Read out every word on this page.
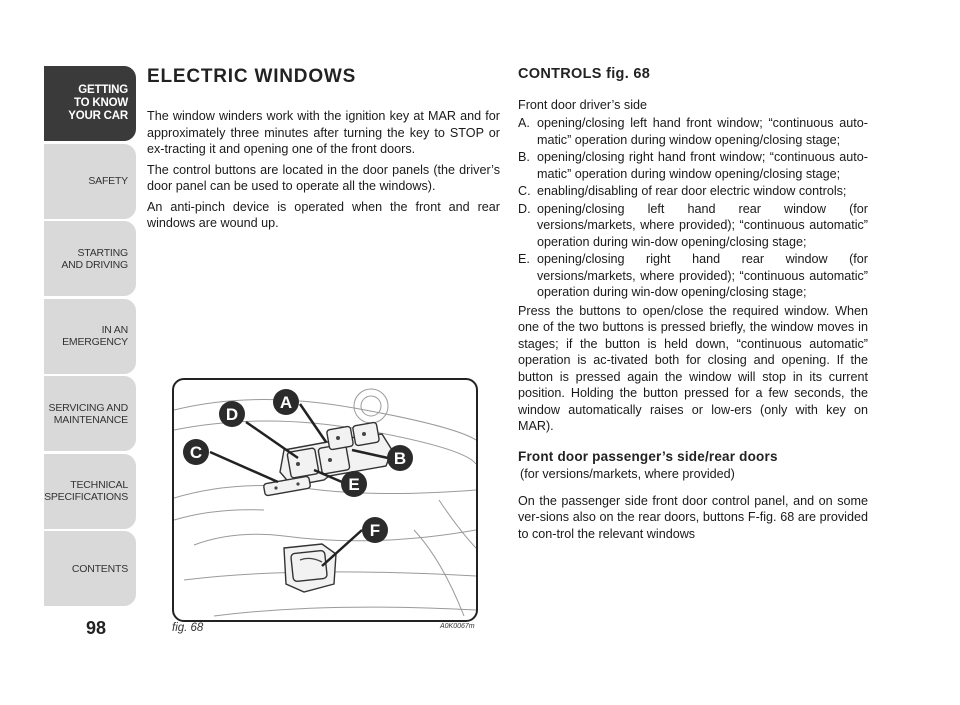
GETTING
TO KNOW
YOUR CAR
SAFETY
STARTING
AND DRIVING
IN AN
EMERGENCY
SERVICING AND
MAINTENANCE
TECHNICAL
SPECIFICATIONS
CONTENTS
98
ELECTRIC WINDOWS

The window winders work with the ignition key at MAR and for approximately three minutes after turning the key to STOP or ex-tracting it and opening one of the front doors.

The control buttons are located in the door panels (the driver’s door panel can be used to operate all the windows).

An anti-pinch device is operated when the front and rear windows are wound up.

A
B
C
D
E
F
fig. 68	A0K0067m
CONTROLS fig. 68

Front door driver’s side

A. opening/closing left hand front window; “continuous auto-matic” operation during window opening/closing stage;
B. opening/closing right hand front window; “continuous auto-matic” operation during window opening/closing stage;
C. enabling/disabling of rear door electric window controls;
D. opening/closing left hand rear window (for versions/markets, where provided); “continuous automatic” operation during win-dow opening/closing stage;
E. opening/closing right hand rear window (for versions/markets, where provided); “continuous automatic” operation during win-dow opening/closing stage;

Press the buttons to open/close the required window. When one of the two buttons is pressed briefly, the window moves in stages; if the button is held down, “continuous automatic” operation is ac-tivated both for closing and opening. If the button is pressed again the window will stop in its current position. Holding the button pressed for a few seconds, the window automatically raises or low-ers (only with key on MAR).

Front door passenger’s side/rear doors
(for versions/markets, where provided)

On the passenger side front door control panel, and on some ver-sions also on the rear doors, buttons F-fig. 68 are provided to con-trol the relevant windows
